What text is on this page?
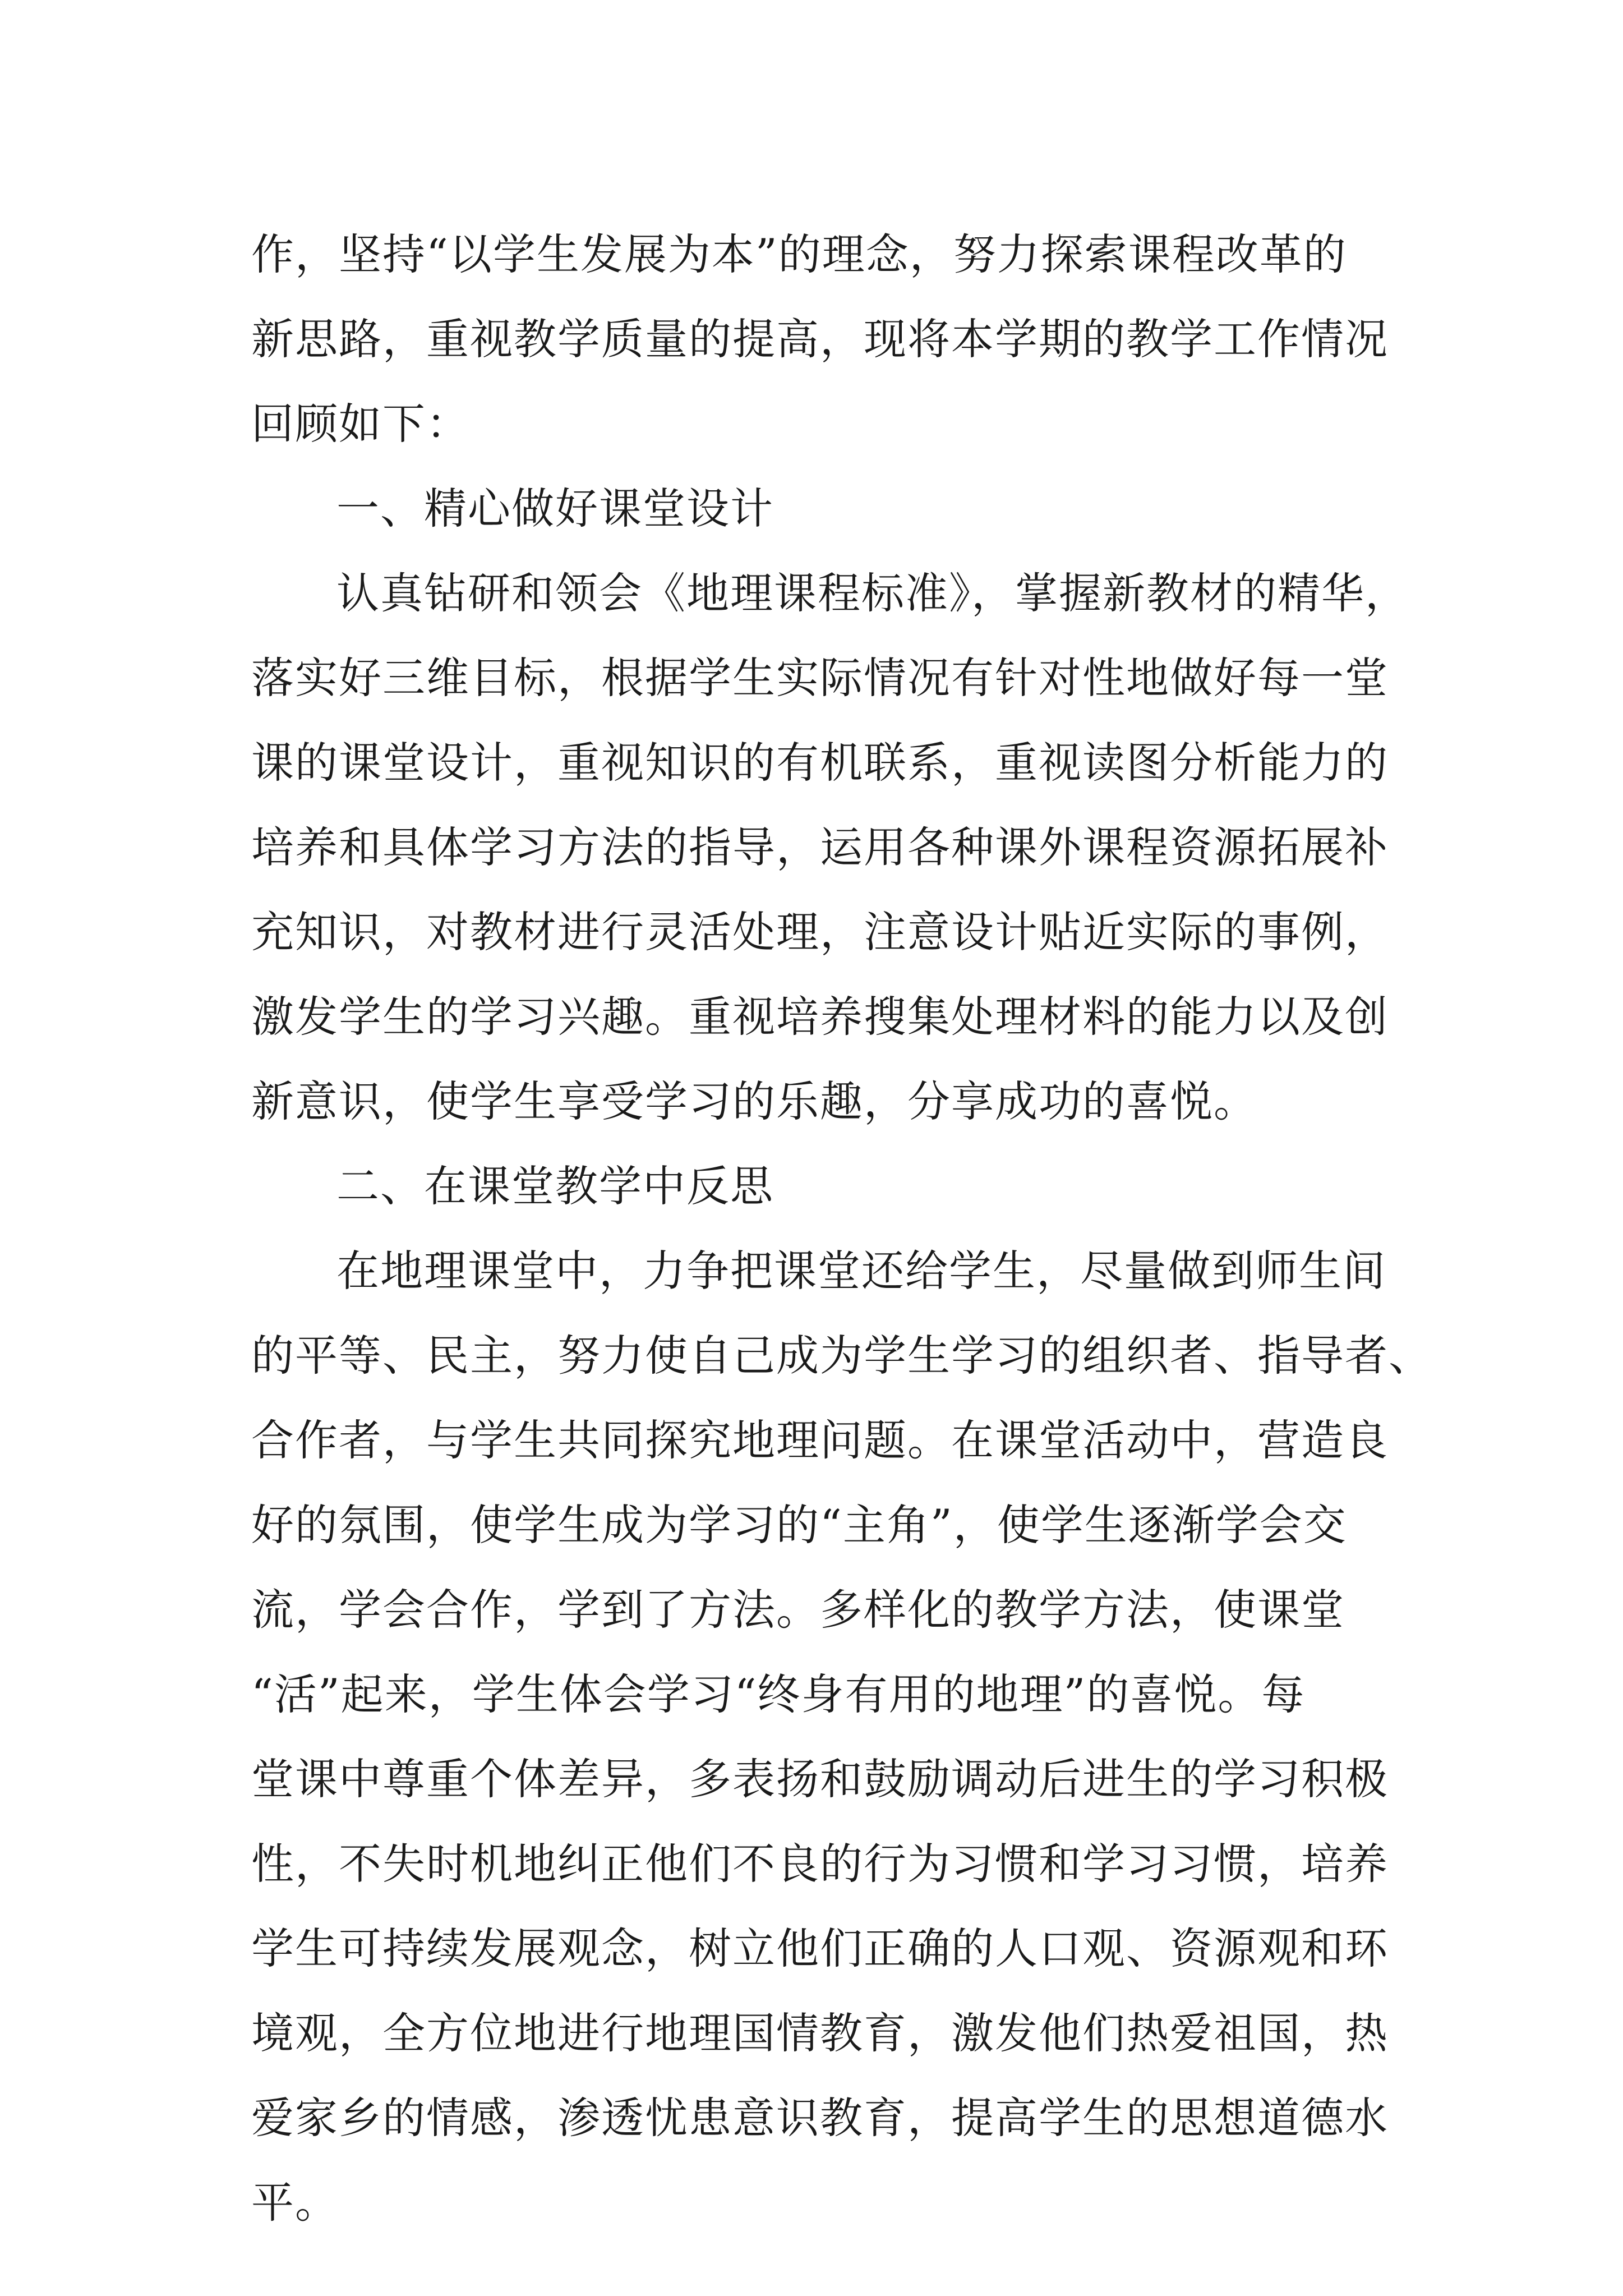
作，坚持“以学生发展为本”的理念，努力探索课程改革的
新思路，重视教学质量的提高，现将本学期的教学工作情况
回顾如下：
一、精心做好课堂设计
认真钻研和领会《地理课程标准》，掌握新教材的精华，
落实好三维目标，根据学生实际情况有针对性地做好每一堂
课的课堂设计，重视知识的有机联系，重视读图分析能力的
培养和具体学习方法的指导，运用各种课外课程资源拓展补
充知识，对教材进行灵活处理，注意设计贴近实际的事例，
激发学生的学习兴趣。重视培养搜集处理材料的能力以及创
新意识，使学生享受学习的乐趣，分享成功的喜悦。
二、在课堂教学中反思
在地理课堂中，力争把课堂还给学生，尽量做到师生间
的平等、民主，努力使自己成为学生学习的组织者、指导者、
合作者，与学生共同探究地理问题。在课堂活动中，营造良
好的氛围，使学生成为学习的“主角”，使学生逐渐学会交
流，学会合作，学到了方法。多样化的教学方法，使课堂
“活”起来，学生体会学习“终身有用的地理”的喜悦。每
堂课中尊重个体差异，多表扬和鼓励调动后进生的学习积极
性，不失时机地纠正他们不良的行为习惯和学习习惯，培养
学生可持续发展观念，树立他们正确的人口观、资源观和环
境观，全方位地进行地理国情教育，激发他们热爱祖国，热
爱家乡的情感，渗透忧患意识教育，提高学生的思想道德水
平。
